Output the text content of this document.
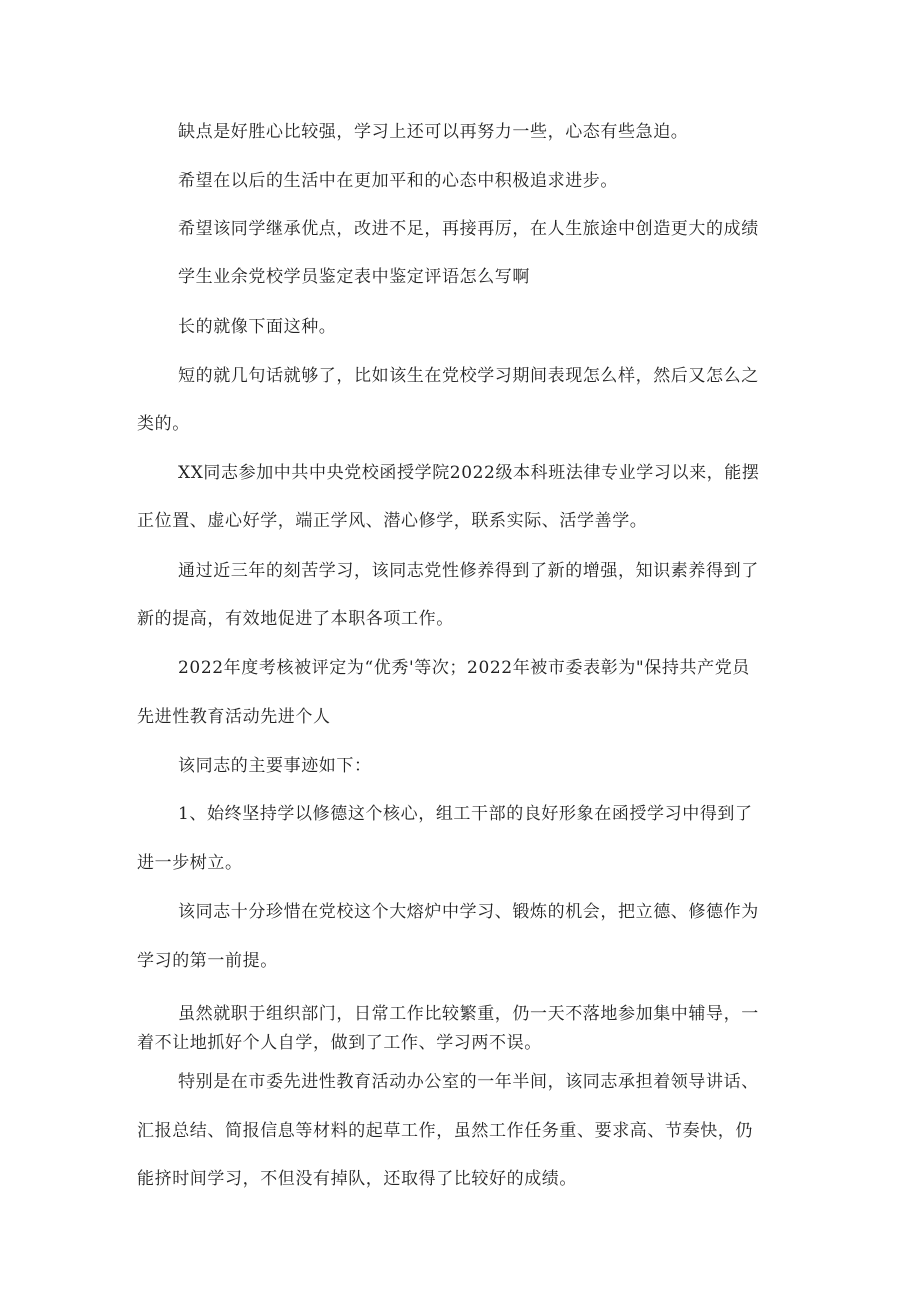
缺点是好胜心比较强，学习上还可以再努力一些，心态有些急迫。
希望在以后的生活中在更加平和的心态中积极追求进步。
希望该同学继承优点，改进不足，再接再厉，在人生旅途中创造更大的成绩
学生业余党校学员鉴定表中鉴定评语怎么写啊
长的就像下面这种。
短的就几句话就够了，比如该生在党校学习期间表现怎么样，然后又怎么之
类的。
XX同志参加中共中央党校函授学院2022级本科班法律专业学习以来，能摆
正位置、虚心好学，端正学风、潜心修学，联系实际、活学善学。
通过近三年的刻苦学习，该同志党性修养得到了新的增强，知识素养得到了
新的提高，有效地促进了本职各项工作。
2022年度考核被评定为“优秀'等次；2022年被市委表彰为"保持共产党员
先进性教育活动先进个人
该同志的主要事迹如下：
1、始终坚持学以修德这个核心，组工干部的良好形象在函授学习中得到了
进一步树立。
该同志十分珍惜在党校这个大熔炉中学习、锻炼的机会，把立德、修德作为
学习的第一前提。
虽然就职于组织部门，日常工作比较繁重，仍一天不落地参加集中辅导，一
着不让地抓好个人自学，做到了工作、学习两不误。
特别是在市委先进性教育活动办公室的一年半间，该同志承担着领导讲话、
汇报总结、简报信息等材料的起草工作，虽然工作任务重、要求高、节奏快，仍
能挤时间学习，不但没有掉队，还取得了比较好的成绩。
